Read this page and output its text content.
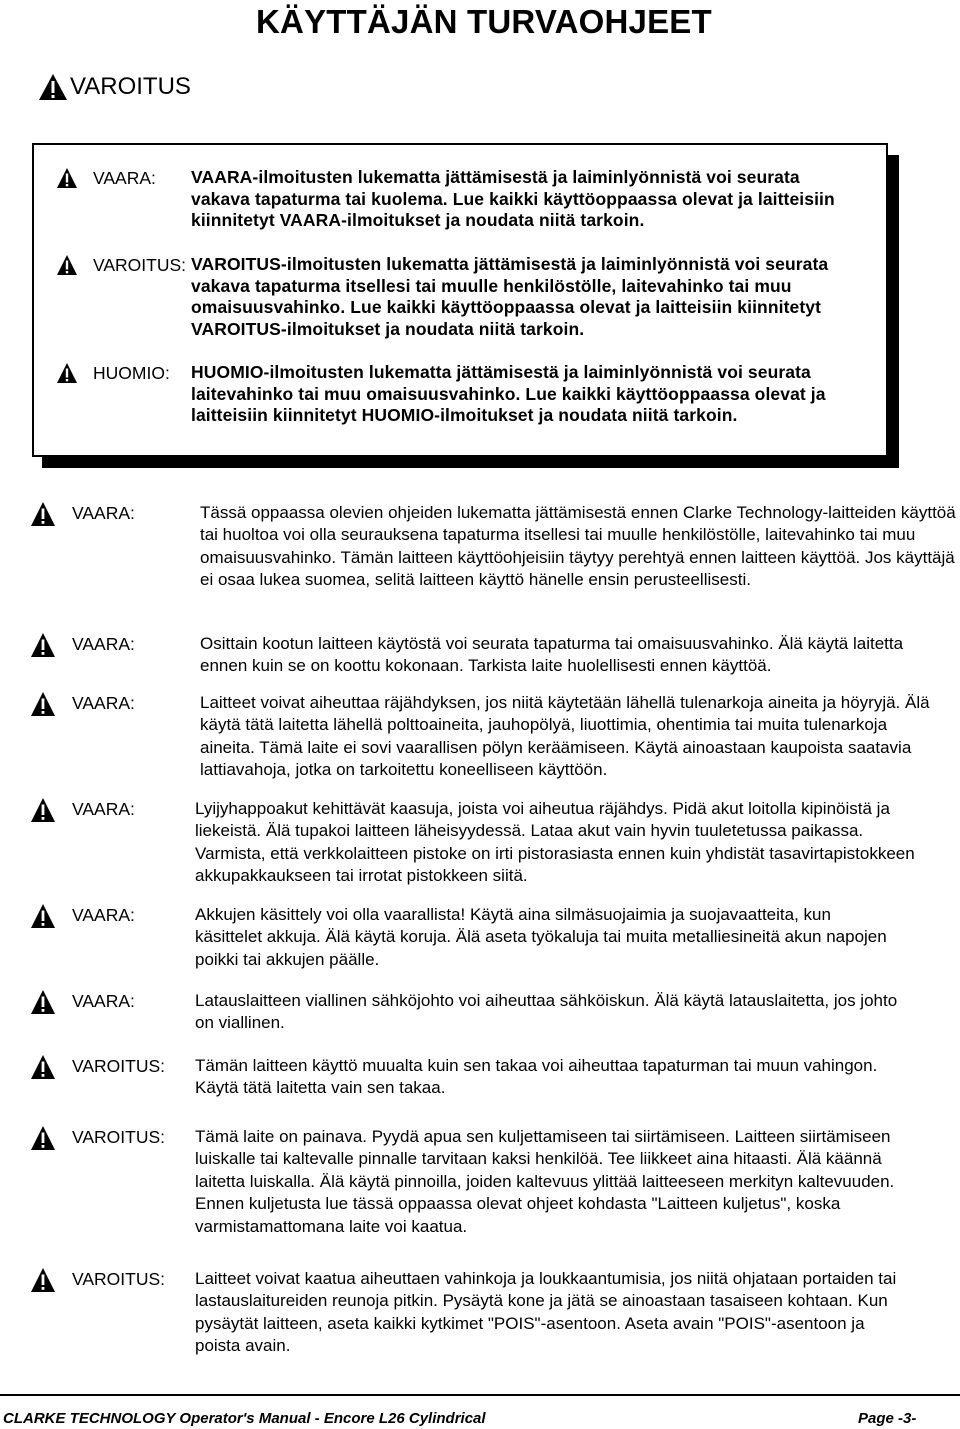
KÄYTTÄJÄN TURVAOHJEET
VAROITUS
VAARA: VAARA-ilmoitusten lukematta jättämisestä ja laiminlyönnistä voi seurata vakava tapaturma tai kuolema. Lue kaikki käyttöoppaassa olevat ja laitteisiin kiinnitetyt VAARA-ilmoitukset ja noudata niitä tarkoin.
VAROITUS: VAROITUS-ilmoitusten lukematta jättämisestä ja laiminlyönnistä voi seurata vakava tapaturma itsellesi tai muulle henkilöstölle, laitevahinko tai muu omaisuusvahinko. Lue kaikki käyttöoppaassa olevat ja laitteisiin kiinnitetyt VAROITUS-ilmoitukset ja noudata niitä tarkoin.
HUOMIO: HUOMIO-ilmoitusten lukematta jättämisestä ja laiminlyönnistä voi seurata laitevahinko tai muu omaisuusvahinko. Lue kaikki käyttöoppaassa olevat ja laitteisiin kiinnitetyt HUOMIO-ilmoitukset ja noudata niitä tarkoin.
VAARA:	Tässä oppaassa olevien ohjeiden lukematta jättämisestä ennen Clarke Technology-laitteiden käyttöä tai huoltoa voi olla seurauksena tapaturma itsellesi tai muulle henkilöstölle, laitevahinko tai muu omaisuusvahinko. Tämän laitteen käyttöohjeisiin täytyy perehtyä ennen laitteen käyttöä. Jos käyttäjä ei osaa lukea suomea, selitä laitteen käyttö hänelle ensin perusteellisesti.
VAARA:	Osittain kootun laitteen käytöstä voi seurata tapaturma tai omaisuusvahinko. Älä käytä laitetta ennen kuin se on koottu kokonaan. Tarkista laite huolellisesti ennen käyttöä.
VAARA:	Laitteet voivat aiheuttaa räjähdyksen, jos niitä käytetään lähellä tulenarkoja aineita ja höyryjä. Älä käytä tätä laitetta lähellä polttoaineita, jauhopölyä, liuottimia, ohentimia tai muita tulenarkoja aineita. Tämä laite ei sovi vaarallisen pölyn keräämiseen. Käytä ainoastaan kaupoista saatavia lattiavahoja, jotka on tarkoitettu koneelliseen käyttöön.
VAARA:	Lyijyhappoakut kehittävät kaasuja, joista voi aiheutua räjähdys. Pidä akut loitolla kipinöistä ja liekeistä. Älä tupakoi laitteen läheisyydessä. Lataa akut vain hyvin tuuletetussa paikassa. Varmista, että verkkolaitteen pistoke on irti pistorasiasta ennen kuin yhdistät tasavirtapistokkeen akkupakkaukseen tai irrotat pistokkeen siitä.
VAARA:	Akkujen käsittely voi olla vaarallista! Käytä aina silmäsuojaimia ja suojavaatteita, kun käsittelet akkuja. Älä käytä koruja. Älä aseta työkaluja tai muita metalliesineitä akun napojen poikki tai akkujen päälle.
VAARA:	Latauslaitteen viallinen sähköjohto voi aiheuttaa sähköiskun. Älä käytä latauslaitetta, jos johto on viallinen.
VAROITUS: Tämän laitteen käyttö muualta kuin sen takaa voi aiheuttaa tapaturman tai muun vahingon. Käytä tätä laitetta vain sen takaa.
VAROITUS: Tämä laite on painava. Pyydä apua sen kuljettamiseen tai siirtämiseen. Laitteen siirtämiseen luiskalle tai kaltevalle pinnalle tarvitaan kaksi henkilöä. Tee liikkeet aina hitaasti. Älä käännä laitetta luiskalla. Älä käytä pinnoilla, joiden kaltevuus ylittää laitteeseen merkityn kaltevuuden. Ennen kuljetusta lue tässä oppaassa olevat ohjeet kohdasta "Laitteen kuljetus", koska varmistamattomana laite voi kaatua.
VAROITUS: Laitteet voivat kaatua aiheuttaen vahinkoja ja loukkaantumisia, jos niitä ohjataan portaiden tai lastauslaitureiden reunoja pitkin. Pysäytä kone ja jätä se ainoastaan tasaiseen kohtaan. Kun pysäytät laitteen, aseta kaikki kytkimet "POIS"-asentoon. Aseta avain "POIS"-asentoon ja poista avain.
CLARKE TECHNOLOGY Operator's Manual - Encore L26 Cylindrical	Page -3-
